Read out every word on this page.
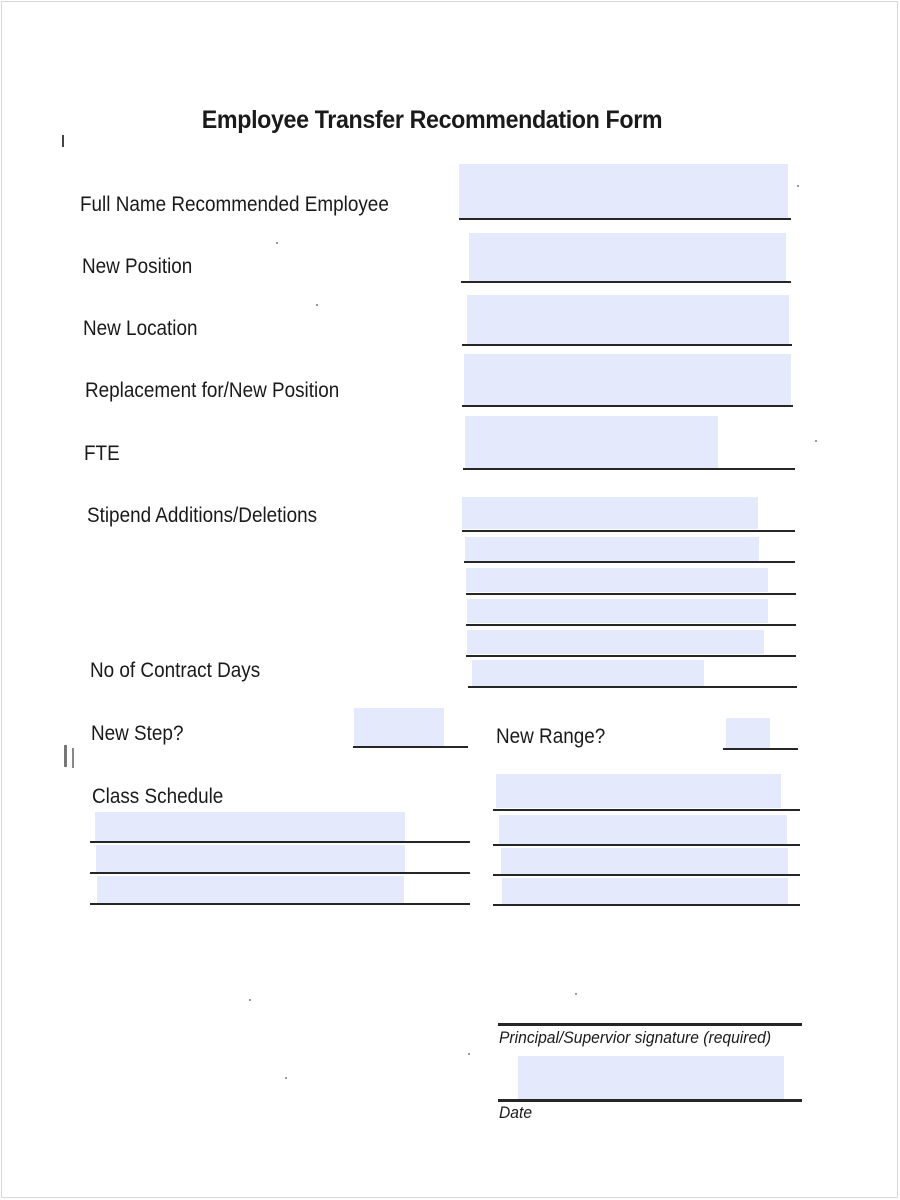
Employee Transfer Recommendation Form
Full Name Recommended Employee
New Position
New Location
Replacement for/New Position
FTE
Stipend Additions/Deletions
No of Contract Days
New Step?	New Range?
Class Schedule
Principal/Supervior signature (required)
Date
